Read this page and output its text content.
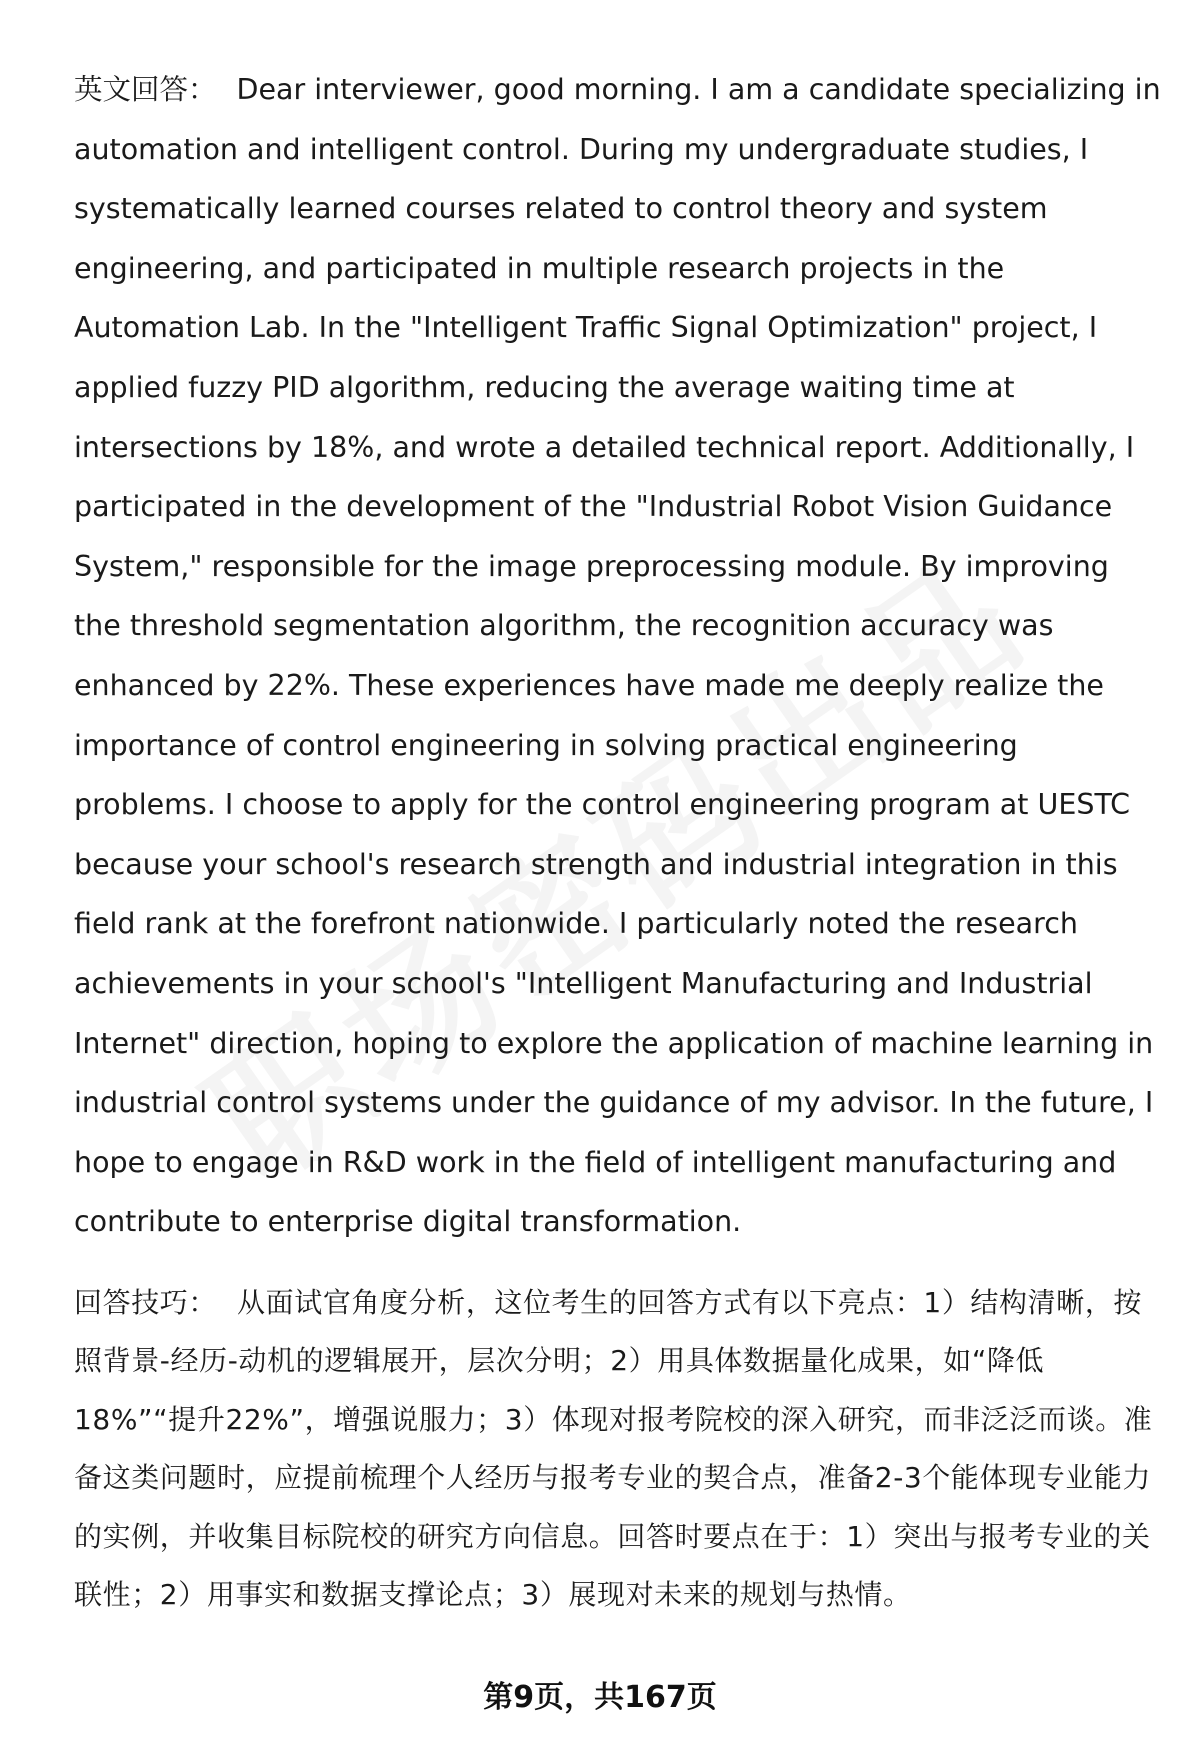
英文回答： Dear interviewer, good morning. I am a candidate specializing in automation and intelligent control. During my undergraduate studies, I systematically learned courses related to control theory and system engineering, and participated in multiple research projects in the Automation Lab. In the "Intelligent Traffic Signal Optimization" project, I applied fuzzy PID algorithm, reducing the average waiting time at intersections by 18%, and wrote a detailed technical report. Additionally, I participated in the development of the "Industrial Robot Vision Guidance System," responsible for the image preprocessing module. By improving the threshold segmentation algorithm, the recognition accuracy was enhanced by 22%. These experiences have made me deeply realize the importance of control engineering in solving practical engineering problems. I choose to apply for the control engineering program at UESTC because your school's research strength and industrial integration in this field rank at the forefront nationwide. I particularly noted the research achievements in your school's "Intelligent Manufacturing and Industrial Internet" direction, hoping to explore the application of machine learning in industrial control systems under the guidance of my advisor. In the future, I hope to engage in R&D work in the field of intelligent manufacturing and contribute to enterprise digital transformation.

回答技巧： 从面试官角度分析，这位考生的回答方式有以下亮点：1）结构清晰，按照背景-经历-动机的逻辑展开，层次分明；2）用具体数据量化成果，如“降低18%”“提升22%”，增强说服力；3）体现对报考院校的深入研究，而非泛泛而谈。准备这类问题时，应提前梳理个人经历与报考专业的契合点，准备2-3个能体现专业能力的实例，并收集目标院校的研究方向信息。回答时要点在于：1）突出与报考专业的关联性；2）用事实和数据支撑论点；3）展现对未来的规划与热情。

第9页，共167页
